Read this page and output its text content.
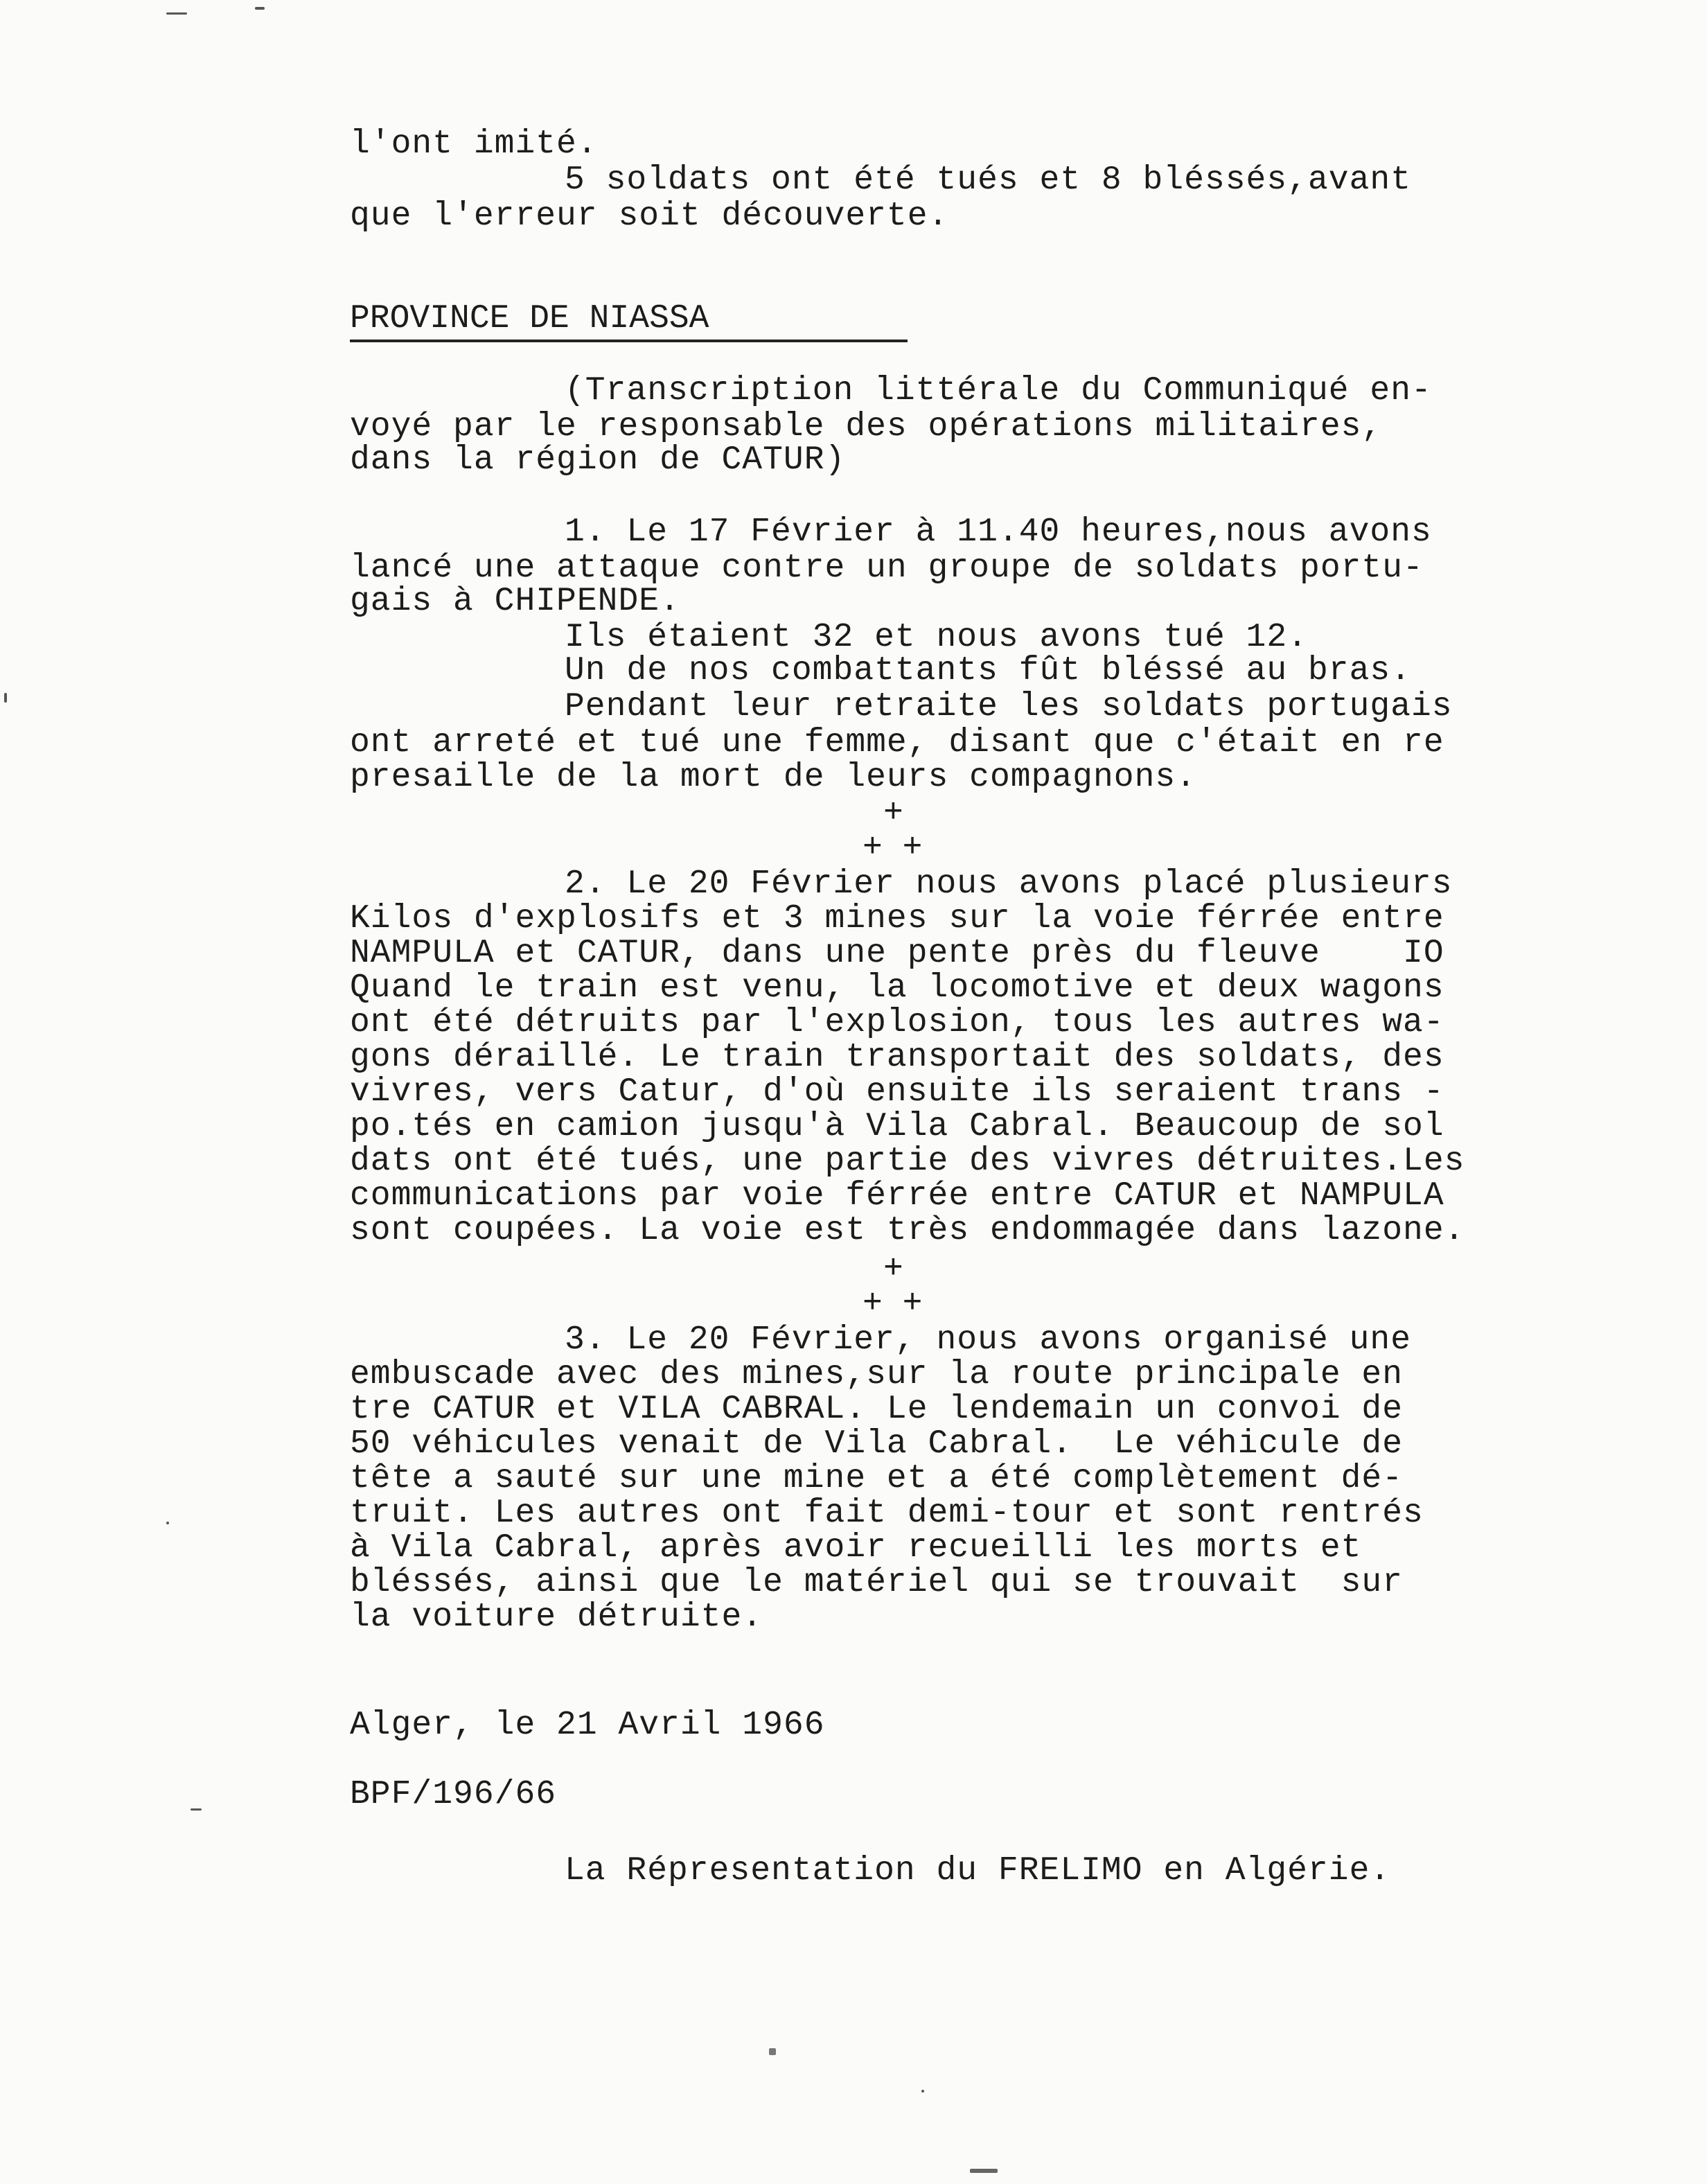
l'ont imité.
5 soldats ont été tués et 8 bléssés,avant
que l'erreur soit découverte.
PROVINCE DE NIASSA
(Transcription littérale du Communiqué en-
voyé par le responsable des opérations militaires,
dans la région de CATUR)
1. Le 17 Février à 11.40 heures,nous avons
lancé une attaque contre un groupe de soldats portu-
gais à CHIPENDE.
Ils étaient 32 et nous avons tué 12.
Un de nos combattants fût bléssé au bras.
Pendant leur retraite les soldats portugais
ont arreté et tué une femme, disant que c'était en re
presaille de la mort de leurs compagnons.
+
+ +
2. Le 20 Février nous avons placé plusieurs
Kilos d'explosifs et 3 mines sur la voie férrée entre
NAMPULA et CATUR, dans une pente près du fleuve    IO
Quand le train est venu, la locomotive et deux wagons
ont été détruits par l'explosion, tous les autres wa-
gons déraillé. Le train transportait des soldats, des
vivres, vers Catur, d'où ensuite ils seraient trans -
po.tés en camion jusqu'à Vila Cabral. Beaucoup de sol
dats ont été tués, une partie des vivres détruites.Les
communications par voie férrée entre CATUR et NAMPULA
sont coupées. La voie est très endommagée dans lazone.
+
+ +
3. Le 20 Février, nous avons organisé une
embuscade avec des mines,sur la route principale en
tre CATUR et VILA CABRAL. Le lendemain un convoi de
50 véhicules venait de Vila Cabral.  Le véhicule de
tête a sauté sur une mine et a été complètement dé-
truit. Les autres ont fait demi-tour et sont rentrés
à Vila Cabral, après avoir recueilli les morts et
bléssés, ainsi que le matériel qui se trouvait  sur
la voiture détruite.
Alger, le 21 Avril 1966
BPF/196/66
La Répresentation du FRELIMO en Algérie.
